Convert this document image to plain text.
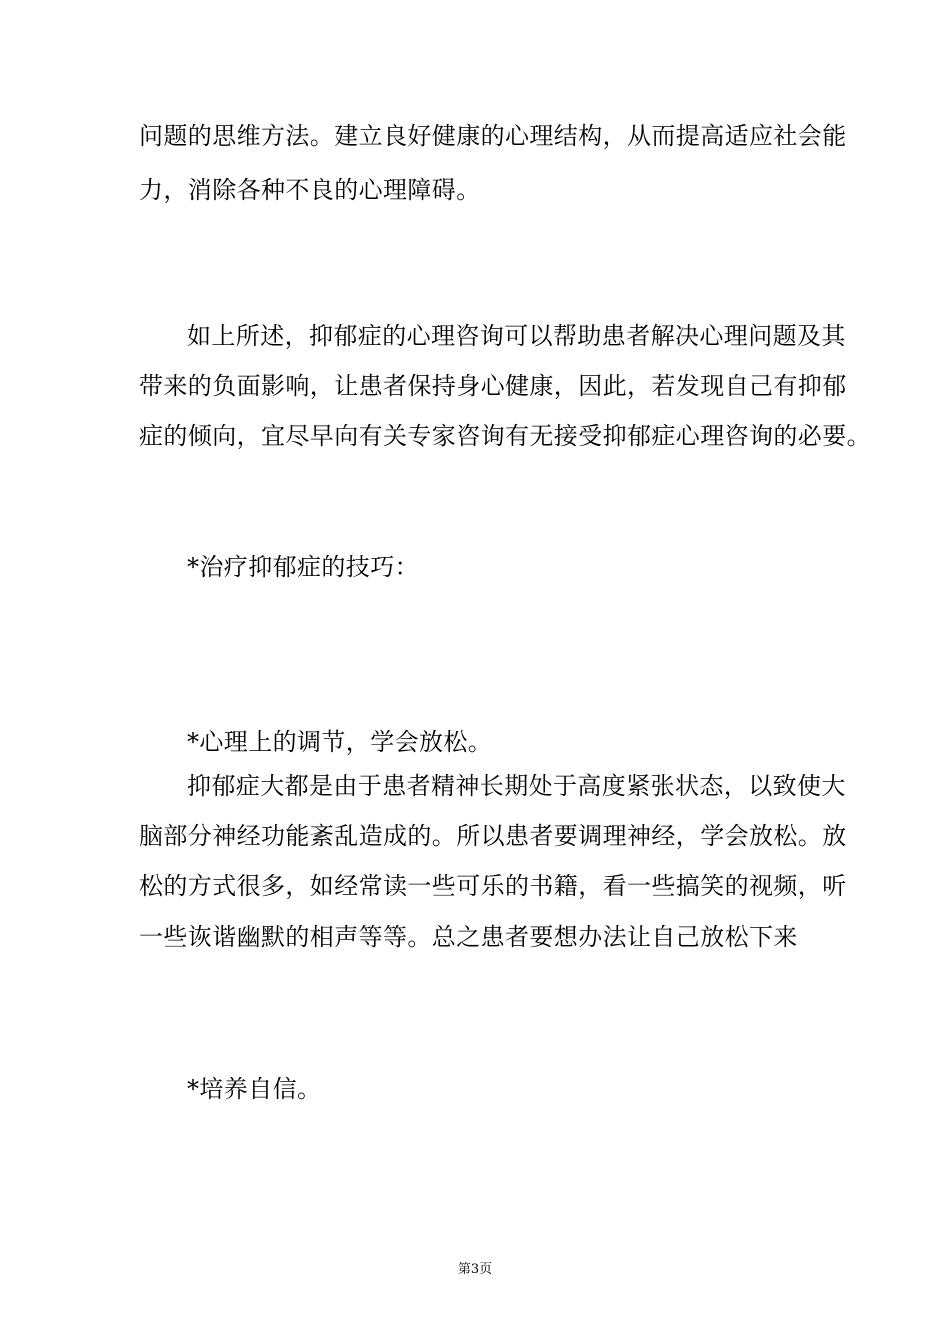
问题的思维方法。建立良好健康的心理结构，从而提高适应社会能
力，消除各种不良的心理障碍。
如上所述，抑郁症的心理咨询可以帮助患者解决心理问题及其
带来的负面影响，让患者保持身心健康，因此，若发现自己有抑郁
症的倾向，宜尽早向有关专家咨询有无接受抑郁症心理咨询的必要。
*治疗抑郁症的技巧：
*心理上的调节，学会放松。
抑郁症大都是由于患者精神长期处于高度紧张状态，以致使大
脑部分神经功能紊乱造成的。所以患者要调理神经，学会放松。放
松的方式很多，如经常读一些可乐的书籍，看一些搞笑的视频，听
一些诙谐幽默的相声等等。总之患者要想办法让自己放松下来
*培养自信。
第3页
